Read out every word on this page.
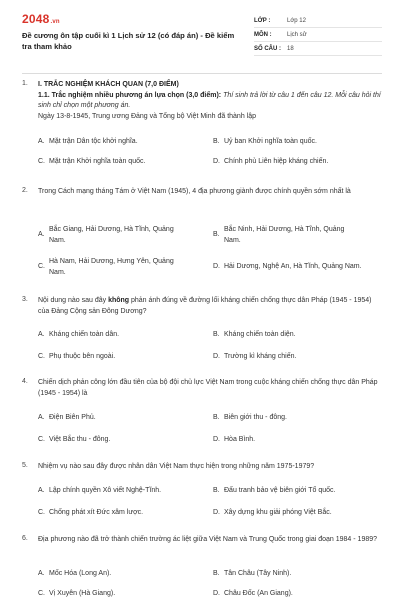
2048.vn
Đề cương ôn tập cuối kì 1 Lịch sử 12 (có đáp án) - Đề kiểm tra tham khảo
LỚP :	Lớp 12
MÔN :	Lịch sử
SỐ CÂU :	18
1. I. TRẮC NGHIỆM KHÁCH QUAN (7,0 ĐIỂM)
1.1. Trắc nghiệm nhiều phương án lựa chọn (3,0 điểm): Thí sinh trả lời từ câu 1 đến câu 12. Mỗi câu hỏi thí sinh chỉ chọn một phương án.
Ngày 13-8-1945, Trung ương Đảng và Tổng bộ Việt Minh đã thành lập
A. Mặt trận Dân tộc khởi nghĩa.	B. Uỷ ban Khởi nghĩa toàn quốc.
C. Mặt trận Khởi nghĩa toàn quốc.	D. Chính phủ Liên hiệp kháng chiến.
2. Trong Cách mạng tháng Tám ở Việt Nam (1945), 4 địa phương giành được chính quyền sớm nhất là
A.
Bắc Giang, Hải Dương, Hà Tĩnh, Quảng Nam.
B.
Bắc Ninh, Hải Dương, Hà Tĩnh, Quảng Nam.
C.
Hà Nam, Hải Dương, Hưng Yên, Quảng Nam.
D. Hải Dương, Nghệ An, Hà Tĩnh, Quảng Nam.
3. Nội dung nào sau đây không phản ánh đúng về đường lối kháng chiến chống thực dân Pháp (1945 - 1954) của Đảng Cộng sản Đông Dương?
A. Kháng chiến toàn dân.	B. Kháng chiến toàn diện.
C. Phụ thuộc bên ngoài.	D. Trường kì kháng chiến.
4. Chiến dịch phản công lớn đầu tiên của bộ đội chủ lực Việt Nam trong cuộc kháng chiến chống thực dân Pháp (1945 - 1954) là
A. Điện Biên Phủ.	B. Biên giới thu - đông.
C. Việt Bắc thu - đông.	D. Hòa Bình.
5. Nhiệm vụ nào sau đây được nhân dân Việt Nam thực hiện trong những năm 1975-1979?
A. Lập chính quyền Xô viết Nghệ-Tĩnh.	B. Đấu tranh bảo vệ biên giới Tổ quốc.
C. Chống phát xít Đức xâm lược.	D. Xây dựng khu giải phóng Việt Bắc.
6. Địa phương nào đã trở thành chiến trường ác liệt giữa Việt Nam và Trung Quốc trong giai đoạn 1984 - 1989?
A. Mốc Hóa (Long An).	B. Tân Châu (Tây Ninh).
C. Vị Xuyên (Hà Giang).	D. Châu Đốc (An Giang).
